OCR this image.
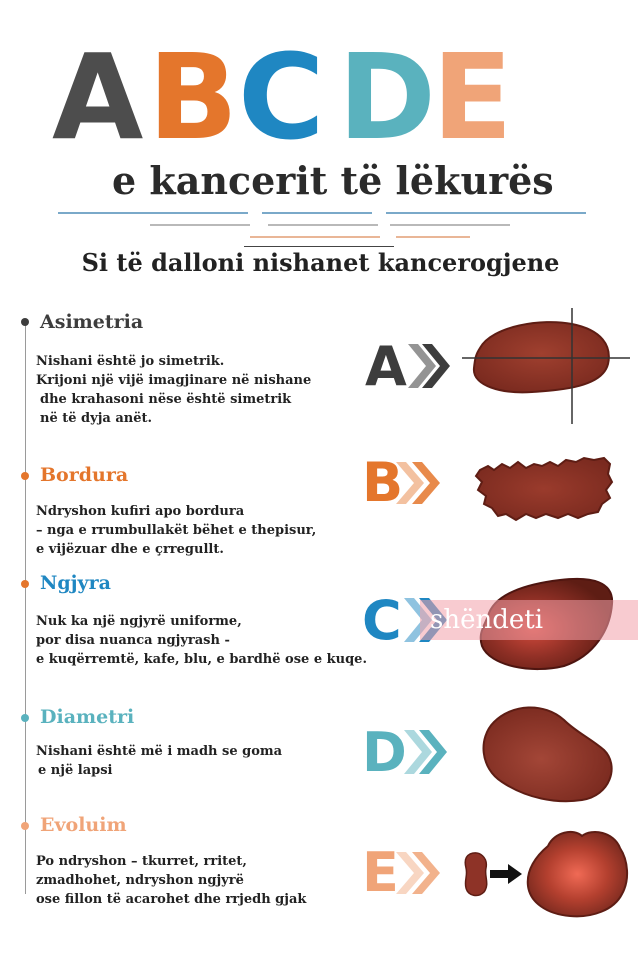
A B C D E
e kancerit të lëkurës
Si të dalloni nishanet kancerogjene
Asimetria
Nishani është jo simetrik.
Krijoni një vijë imagjinare në nishane
dhe krahasoni nëse është simetrik
në të dyja anët.
Bordura
Ndryshon kufiri apo bordura
– nga e rrumbullakët bëhet e thepisur,
e vijëzuar dhe e çrregullt.
Ngjyra
Nuk ka një ngjyrë uniforme,
por disa nuanca ngjyrash -
e kuqërremtë, kafe, blu, e bardhë ose e kuqe.
Diametri
Nishani është më i madh se goma
e një lapsi
Evoluim
Po ndryshon – tkurret, rritet,
zmadhohet, ndryshon ngjyrë
ose fillon të acarohet dhe rrjedh gjak
A
B
C
D
E
shëndeti
